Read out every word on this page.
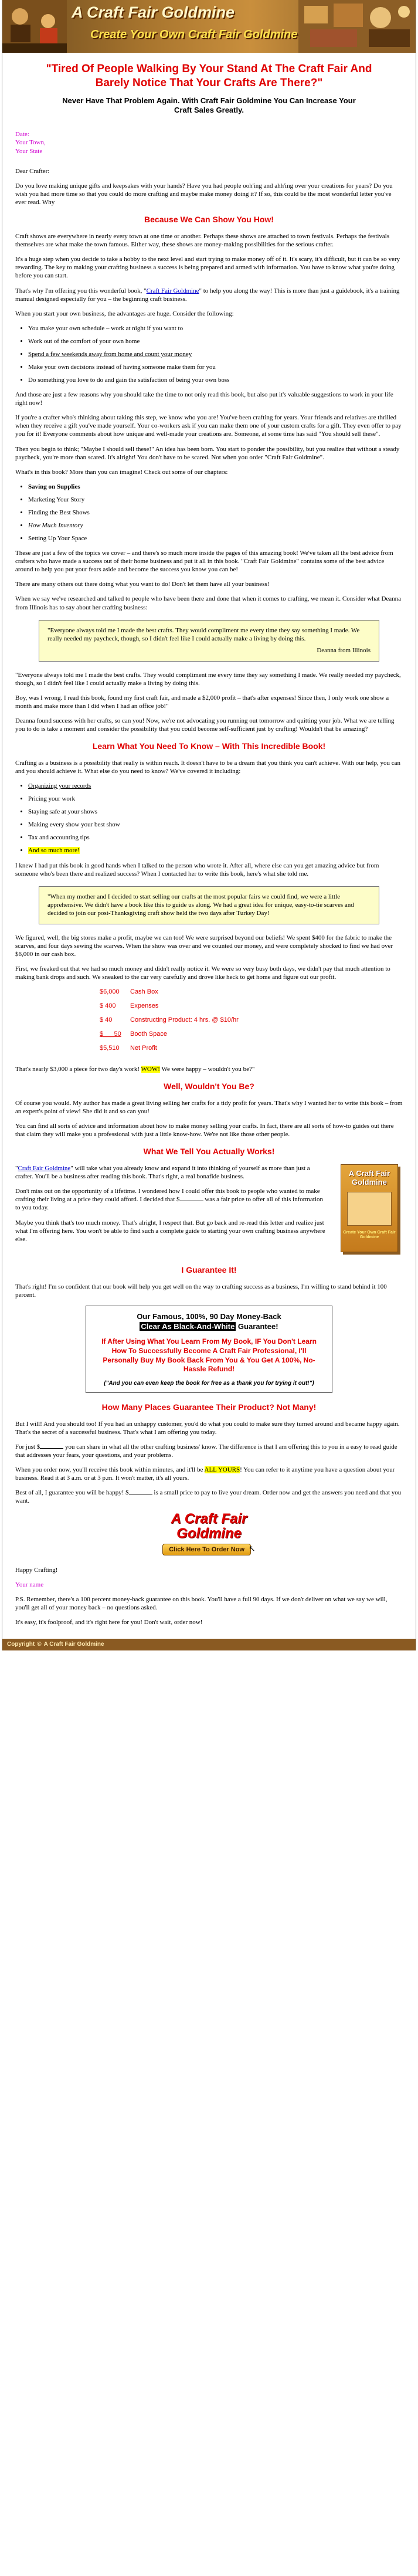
A Craft Fair Goldmine
Create Your Own Craft Fair Goldmine
"Tired Of People Walking By Your Stand At The Craft Fair And Barely Notice That Your Crafts Are There?"
Never Have That Problem Again. With Craft Fair Goldmine You Can Increase Your Craft Sales Greatly.
Date:
Your Town,
Your State

Dear Crafter:

Do you love making unique gifts and keepsakes with your hands? Have you had people ooh'ing and ahh'ing over your creations for years? Do you wish you had more time so that you could do more crafting and maybe make money doing it? If so, this could be the most wonderful letter you've ever read. Why

Because We Can Show You How!

Craft shows are everywhere in nearly every town at one time or another. Perhaps these shows are attached to town festivals. Perhaps the festivals themselves are what make the town famous. Either way, these shows are money-making possibilities for the serious crafter.

It's a huge step when you decide to take a hobby to the next level and start trying to make money off of it. It's scary, it's difficult, but it can be so very rewarding. The key to making your crafting business a success is being prepared and armed with information. You have to know what you're doing before you can start.

That's why I'm offering you this wonderful book, "Craft Fair Goldmine" to help you along the way! This is more than just a guidebook, it's a training manual designed especially for you – the beginning craft business.

When you start your own business, the advantages are huge. Consider the following:

• You make your own schedule – work at night if you want to
• Work out of the comfort of your own home
• Spend a few weekends away from home and count your money
• Make your own decisions instead of having someone make them for you
• Do something you love to do and gain the satisfaction of being your own boss

And those are just a few reasons why you should take the time to not only read this book, but also put it's valuable suggestions to work in your life right now!

If you're a crafter who's thinking about taking this step, we know who you are! You've been crafting for years. Your friends and relatives are thrilled when they receive a gift you've made yourself. Your co-workers ask if you can make them one of your custom crafts for a gift. They even offer to pay you for it! Everyone comments about how unique and well-made your creations are. Someone, at some time has said "You should sell these".

Then you begin to think; "Maybe I should sell these!" An idea has been born. You start to ponder the possibility, but you realize that without a steady paycheck, you're more than scared. It's alright! You don't have to be scared. Not when you order "Craft Fair Goldmine".

What's in this book? More than you can imagine! Check out some of our chapters:

• Saving on Supplies
• Marketing Your Story
• Finding the Best Shows
• How Much Inventory
• Setting Up Your Space

These are just a few of the topics we cover – and there's so much more inside the pages of this amazing book! We've taken all the best advice from crafters who have made a success out of their home business and put it all in this book. "Craft Fair Goldmine" contains some of the best advice around to help you put your fears aside and become the success you know you can be!

There are many others out there doing what you want to do! Don't let them have all your business!

When we say we've researched and talked to people who have been there and done that when it comes to crafting, we mean it. Consider what Deanna from Illinois has to say about her crafting business:

"Everyone always told me I made the best crafts. They would compliment me every time they say something I made. We really needed my paycheck, though, so I didn't feel like I could actually make a living by doing this.
Deanna from Illinois

"Everyone always told me I made the best crafts. They would compliment me every time they say something I made. We really needed my paycheck, though, so I didn't feel like I could actually make a living by doing this.

Boy, was I wrong. I read this book, found my first craft fair, and made a $2,000 profit – that's after expenses! Since then, I only work one show a month and make more than I did when I had an office job!"

Deanna found success with her crafts, so can you! Now, we're not advocating you running out tomorrow and quitting your job. What we are telling you to do is take a moment and consider the possibility that you could become self-sufficient just by crafting! Wouldn't that be amazing?

Learn What You Need To Know – With This Incredible Book!

Crafting as a business is a possibility that really is within reach. It doesn't have to be a dream that you think you can't achieve. With our help, you can and you should achieve it. What else do you need to know? We've covered it including:

• Organizing your records
• Pricing your work
• Staying safe at your shows
• Making every show your best show
• Tax and accounting tips
• And so much more!

I knew I had put this book in good hands when I talked to the person who wrote it. After all, where else can you get amazing advice but from someone who's been there and realized success? When I contacted her to write this book, here's what she told me.

"When my mother and I decided to start selling our crafts at the most popular fairs we could find, we were a little apprehensive. We didn't have a book like this to guide us along. We had a great idea for unique, easy-to-tie scarves and decided to join our post-Thanksgiving craft show held the two days after Turkey Day!

We figured, well, the big stores make a profit, maybe we can too! We were surprised beyond our beliefs! We spent $400 for the fabric to make the scarves, and four days sewing the scarves. When the show was over and we counted our money, and were completely shocked to find we had over $6,000 in our cash box.

First, we freaked out that we had so much money and didn't really notice it. We were so very busy both days, we didn't pay that much attention to making bank drops and such. We sneaked to the car very carefully and drove like heck to get home and figure out our profit.

$6,000	Cash Box
$ 400	Expenses
$ 40	Constructing Product: 4 hrs. @ $10/hr
$___50	Booth Space
$5,510	Net Profit

That's nearly $3,000 a piece for two day's work! WOW! We were happy – wouldn't you be?"

Well, Wouldn't You Be?

Of course you would. My author has made a great living selling her crafts for a tidy profit for years. That's why I wanted her to write this book – from an expert's point of view! She did it and so can you!

You can find all sorts of advice and information about how to make money selling your crafts. In fact, there are all sorts of how-to guides out there that claim they will make you a professional with just a little know-how. We're not like those other people.

What We Tell You Actually Works!
A Craft Fair Goldmine
Create Your Own Craft Fair Goldmine

"Craft Fair Goldmine" will take what you already know and expand it into thinking of yourself as more than just a crafter. You'll be a business after reading this book. That's right, a real bonafide business.

Don't miss out on the opportunity of a lifetime. I wondered how I could offer this book to people who wanted to make crafting their living at a price they could afford. I decided that $	was a fair price to offer all of this information to you today.

Maybe you think that's too much money. That's alright, I respect that. But go back and re-read this letter and realize just what I'm offering here. You won't be able to find such a complete guide to starting your own crafting business anywhere else.

I Guarantee It!

That's right! I'm so confident that our book will help you get well on the way to crafting success as a business, I'm willing to stand behind it 100 percent.

Our Famous, 100%, 90 Day Money-Back
Clear As Black-And-White Guarantee!
If After Using What You Learn From My Book, IF You Don't Learn How To Successfully Become A Craft Fair Professional, I'll Personally Buy My Book Back From You & You Get A 100%, No-Hassle Refund!
("And you can even keep the book for free as a thank you for trying it out!")
How Many Places Guarantee Their Product? Not Many!

But I will! And you should too! If you had an unhappy customer, you'd do what you could to make sure they turned around and became happy again. That's the secret of a successful business. That's what I am offering you today.

For just $	you can share in what all the other crafting business' know. The difference is that I am offering this to you in a easy to read guide that addresses your fears, your questions, and your problems.

When you order now, you'll receive this book within minutes, and it'll be ALL YOURS! You can refer to it anytime you have a question about your business. Read it at 3 a.m. or at 3 p.m. It won't matter, it's all yours.

Best of all, I guarantee you will be happy! $	is a small price to pay to live your dream. Order now and get the answers you need and that you want.

A Craft Fair
Goldmine
Click Here To Order Now ↖

Happy Crafting!

Your name

P.S. Remember, there's a 100 percent money-back guarantee on this book. You'll have a full 90 days. If we don't deliver on what we say we will, you'll get all of your money back – no questions asked.

It's easy, it's foolproof, and it's right here for you! Don't wait, order now!

Copyright © A Craft Fair Goldmine
